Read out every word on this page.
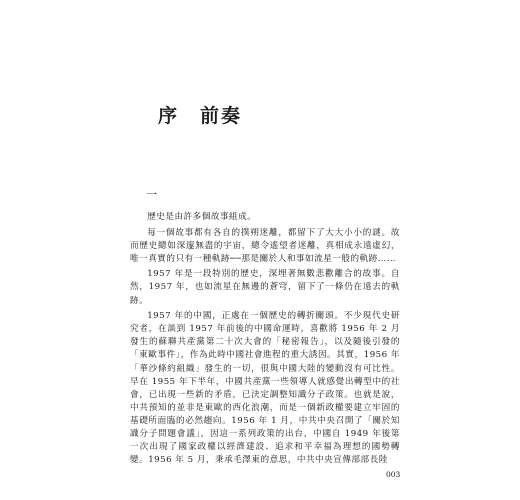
序　前奏
一

歷史是由許多個故事組成。

每一個故事都有各自的撲朔迷離，都留下了大大小小的謎。故而歷史總如深邃無盡的宇宙，總令遙望者迷離，真相成永遠虛幻，唯一真實的只有一種軌跡──那是關於人和事如流星一般的軌跡……

1957 年是一段特別的歷史，深埋著無數悲歡離合的故事。自然，1957 年，也如流星在無邊的蒼穹，留下了一條仍在遠去的軌跡。

1957 年的中國，正處在一個歷史的轉折關頭。不少現代史研究者，在談到 1957 年前後的中國命運時，喜歡將 1956 年 2 月發生的蘇聯共產黨第二十次大會的「秘密報告」，以及隨後引發的「東歐事件」，作為此時中國社會進程的重大誘因。其實，1956 年「華沙條約組織」發生的一切，很與中國大陸的變動沒有可比性。早在 1955 年下半年，中國共產黨一些領導人就感覺出轉型中的社會，已出現一些新的矛盾，已決定調整知識分子政策。也就是說，中共預知的並非是東歐的西化浪潮，而是一個新政權要建立牢固的基礎所面臨的必然趨向。1956 年 1 月，中共中央召開了「關於知識分子問題會議」，因這一系列政策的出台，中國自 1949 年後第一次出現了國家政權以經濟建設、追求和平幸福為理想的國勢轉變。1956 年 5 月，秉承毛澤東的意思，中共中央宣傳部部長陸

003
